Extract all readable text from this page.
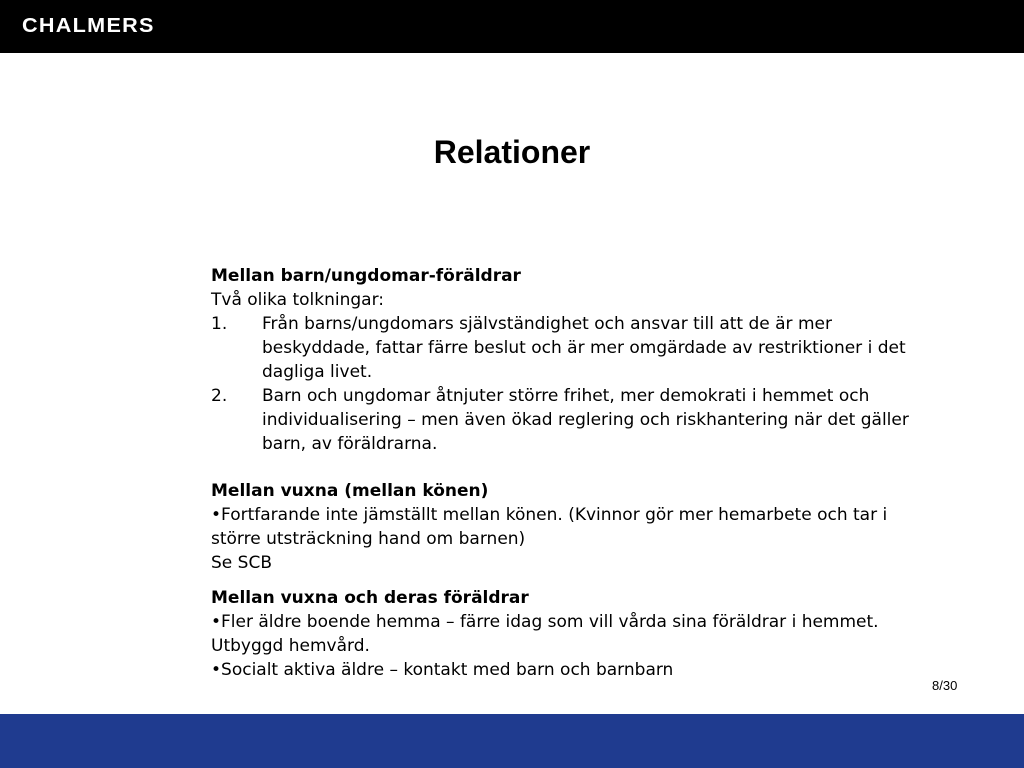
CHALMERS
Relationer

Mellan barn/ungdomar-föräldrar

Två olika tolkningar:

1. Från barns/ungdomars självständighet och ansvar till att de är mer beskyddade, fattar färre beslut och är mer omgärdade av restriktioner i det dagliga livet.
2. Barn och ungdomar åtnjuter större frihet, mer demokrati i hemmet och individualisering – men även ökad reglering och riskhantering när det gäller barn, av föräldrarna.

Mellan vuxna (mellan könen)

•Fortfarande inte jämställt mellan könen. (Kvinnor gör mer hemarbete och tar i större utsträckning hand om barnen)

Se SCB

Mellan vuxna och deras föräldrar

•Fler äldre boende hemma – färre idag som vill vårda sina föräldrar i hemmet. Utbyggd hemvård.

•Socialt aktiva äldre – kontakt med barn och barnbarn

8/30
